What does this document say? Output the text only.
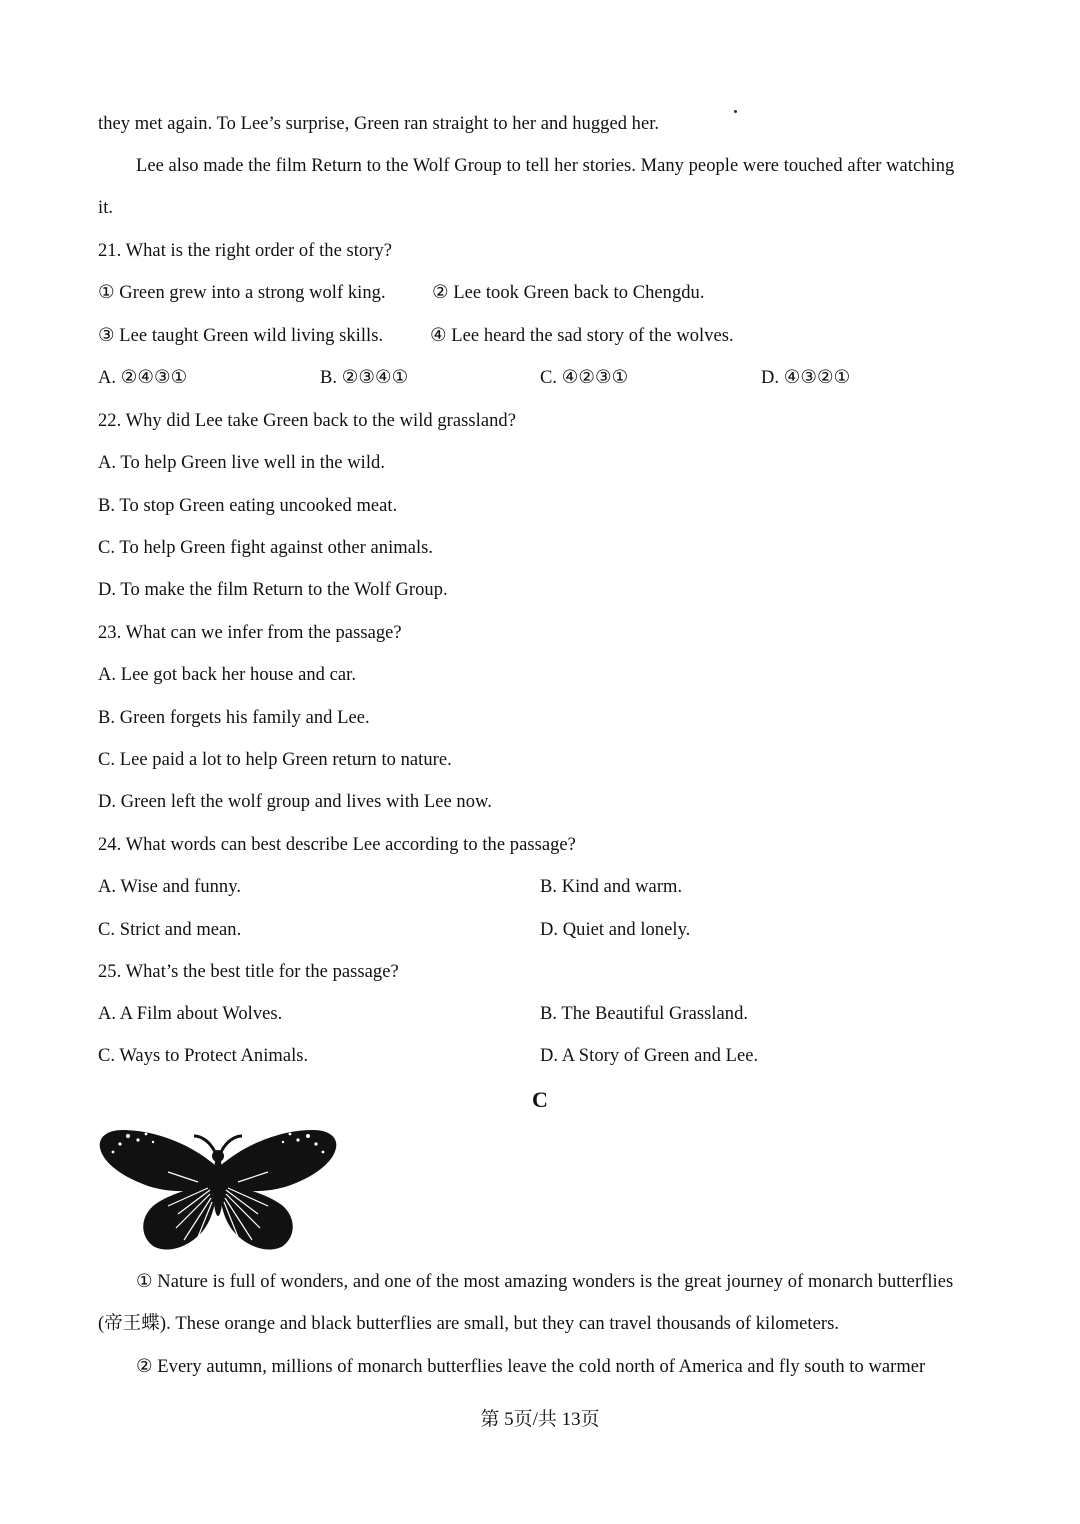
they met again. To Lee’s surprise, Green ran straight to her and hugged her.
Lee also made the film Return to the Wolf Group to tell her stories. Many people were touched after watching
it.
21. What is the right order of the story?
① Green grew into a strong wolf king.	② Lee took Green back to Chengdu.
③ Lee taught Green wild living skills.	④ Lee heard the sad story of the wolves.
A. ②④③①	B. ②③④①	C. ④②③①	D. ④③②①
22. Why did Lee take Green back to the wild grassland?
A. To help Green live well in the wild.
B. To stop Green eating uncooked meat.
C. To help Green fight against other animals.
D. To make the film Return to the Wolf Group.
23. What can we infer from the passage?
A. Lee got back her house and car.
B. Green forgets his family and Lee.
C. Lee paid a lot to help Green return to nature.
D. Green left the wolf group and lives with Lee now.
24. What words can best describe Lee according to the passage?
A. Wise and funny.	B. Kind and warm.
C. Strict and mean.	D. Quiet and lonely.
25. What’s the best title for the passage?
A. A Film about Wolves.	B. The Beautiful Grassland.
C. Ways to Protect Animals.	D. A Story of Green and Lee.
C
① Nature is full of wonders, and one of the most amazing wonders is the great journey of monarch butterflies
(帝王蝶). These orange and black butterflies are small, but they can travel thousands of kilometers.
② Every autumn, millions of monarch butterflies leave the cold north of America and fly south to warmer
第 5页/共 13页
